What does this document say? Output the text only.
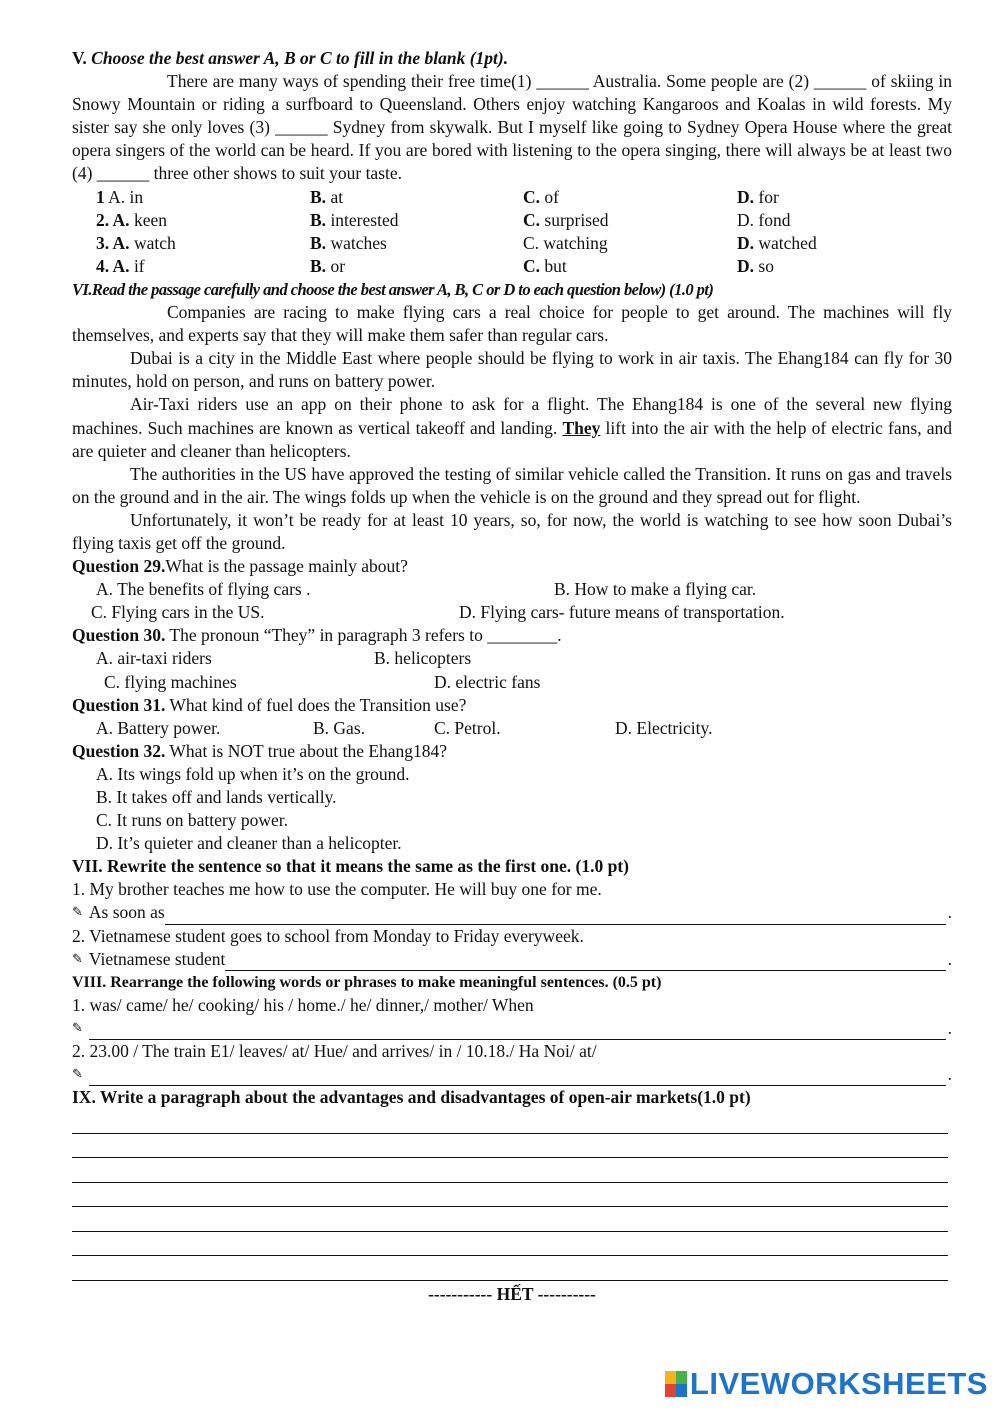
V. Choose the best answer A, B or C to fill in the blank (1pt).

There are many ways of spending their free time(1) ______ Australia. Some people are (2) ______ of skiing in Snowy Mountain or riding a surfboard to Queensland. Others enjoy watching Kangaroos and Koalas in wild forests. My sister say she only loves (3) ______ Sydney from skywalk. But I myself like going to Sydney Opera House where the great opera singers of the world can be heard. If you are bored with listening to the opera singing, there will always be at least two (4) ______ three other shows to suit your taste.

1 A. in	B. at	C. of	D. for
2. A. keen	B. interested	C. surprised	D. fond
3. A. watch	B. watches	C. watching	D. watched
4. A. if	B. or	C. but	D. so

VI.Read the passage carefully and choose the best answer A, B, C or D to each question below) (1.0 pt)

Companies are racing to make flying cars a real choice for people to get around. The machines will fly themselves, and experts say that they will make them safer than regular cars.

Dubai is a city in the Middle East where people should be flying to work in air taxis. The Ehang184 can fly for 30 minutes, hold on person, and runs on battery power.

Air-Taxi riders use an app on their phone to ask for a flight. The Ehang184 is one of the several new flying machines. Such machines are known as vertical takeoff and landing. They lift into the air with the help of electric fans, and are quieter and cleaner than helicopters.

The authorities in the US have approved the testing of similar vehicle called the Transition. It runs on gas and travels on the ground and in the air. The wings folds up when the vehicle is on the ground and they spread out for flight.

Unfortunately, it won’t be ready for at least 10 years, so, for now, the world is watching to see how soon Dubai’s flying taxis get off the ground.

Question 29.What is the passage mainly about?

A. The benefits of flying cars .	B. How to make a flying car.
C. Flying cars in the US.	D. Flying cars- future means of transportation.

Question 30. The pronoun “They” in paragraph 3 refers to ________.

A. air-taxi riders	B. helicopters
C. flying machines	D. electric fans

Question 31. What kind of fuel does the Transition use?

A. Battery power.	B. Gas.	C. Petrol.	D. Electricity.

Question 32. What is NOT true about the Ehang184?

A. Its wings fold up when it’s on the ground.

B. It takes off and lands vertically.

C. It runs on battery power.

D. It’s quieter and cleaner than a helicopter.

VII. Rewrite the sentence so that it means the same as the first one. (1.0 pt)

1. My brother teaches me how to use the computer. He will buy one for me.

✎ As soon as	.

2. Vietnamese student goes to school from Monday to Friday everyweek.

✎ Vietnamese student	.

VIII. Rearrange the following words or phrases to make meaningful sentences. (0.5 pt)

1. was/ came/ he/ cooking/ his / home./ he/ dinner,/ mother/ When

✎	.

2. 23.00 / The train E1/ leaves/ at/ Hue/ and arrives/ in / 10.18./ Ha Noi/ at/

✎	.

IX. Write a paragraph about the advantages and disadvantages of open-air markets(1.0 pt)

----------- HẾT ----------

LIVEWORKSHEETS
